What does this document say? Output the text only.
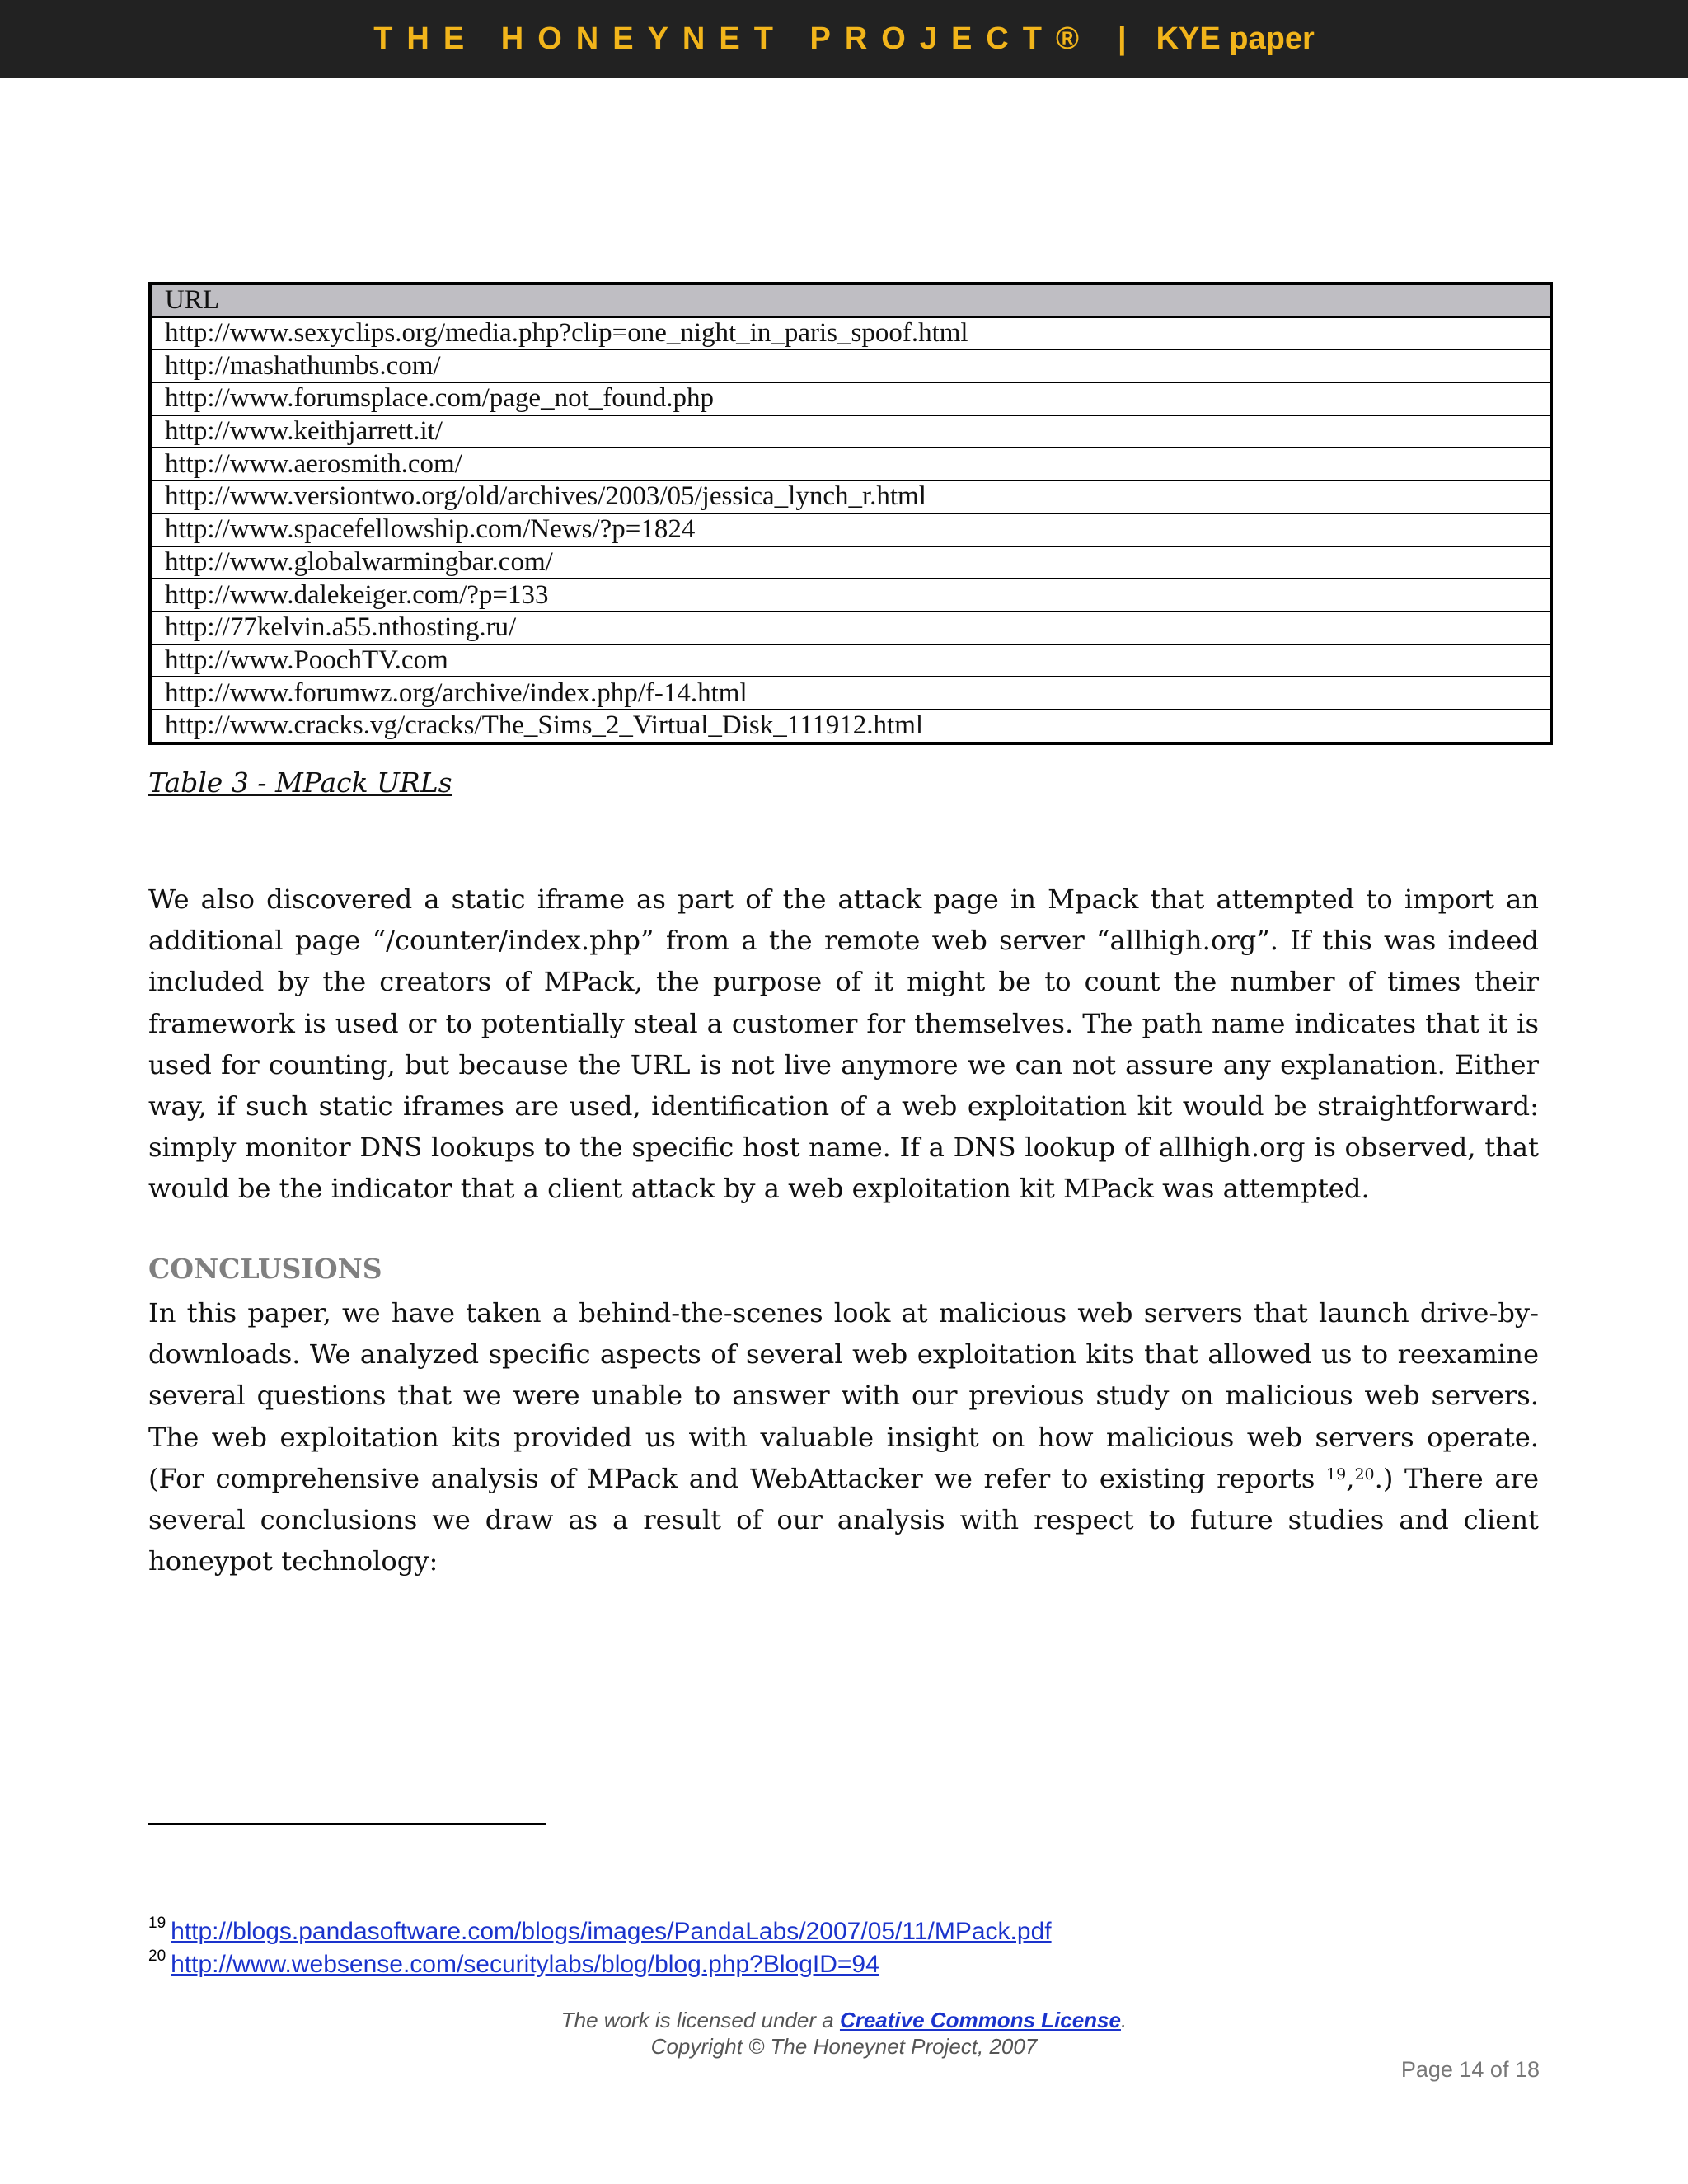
THE HONEYNET PROJECT® | KYE paper
URL
http://www.sexyclips.org/media.php?clip=one_night_in_paris_spoof.html
http://mashathumbs.com/
http://www.forumsplace.com/page_not_found.php
http://www.keithjarrett.it/
http://www.aerosmith.com/
http://www.versiontwo.org/old/archives/2003/05/jessica_lynch_r.html
http://www.spacefellowship.com/News/?p=1824
http://www.globalwarmingbar.com/
http://www.dalekeiger.com/?p=133
http://77kelvin.a55.nthosting.ru/
http://www.PoochTV.com
http://www.forumwz.org/archive/index.php/f-14.html
http://www.cracks.vg/cracks/The_Sims_2_Virtual_Disk_111912.html
Table 3 - MPack URLs

We also discovered a static iframe as part of the attack page in Mpack that attempted to import an additional page “/counter/index.php” from a the remote web server “allhigh.org”. If this was indeed included by the creators of MPack, the purpose of it might be to count the number of times their framework is used or to potentially steal a customer for themselves. The path name indicates that it is used for counting, but because the URL is not live anymore we can not assure any explanation. Either way, if such static iframes are used, identification of a web exploitation kit would be straightforward: simply monitor DNS lookups to the specific host name. If a DNS lookup of allhigh.org is observed, that would be the indicator that a client attack by a web exploitation kit MPack was attempted.

CONCLUSIONS

In this paper, we have taken a behind-the-scenes look at malicious web servers that launch drive-by-downloads. We analyzed specific aspects of several web exploitation kits that allowed us to reexamine several questions that we were unable to answer with our previous study on malicious web servers. The web exploitation kits provided us with valuable insight on how malicious web servers operate. (For comprehensive analysis of MPack and WebAttacker we refer to existing reports $^{19}$,$^{20}$.) There are several conclusions we draw as a result of our analysis with respect to future studies and client honeypot technology:

$^{19}$ http://blogs.pandasoftware.com/blogs/images/PandaLabs/2007/05/11/MPack.pdf
$^{20}$ http://www.websense.com/securitylabs/blog/blog.php?BlogID=94
The work is licensed under a Creative Commons License.
Copyright © The Honeynet Project, 2007
Page 14 of 18
